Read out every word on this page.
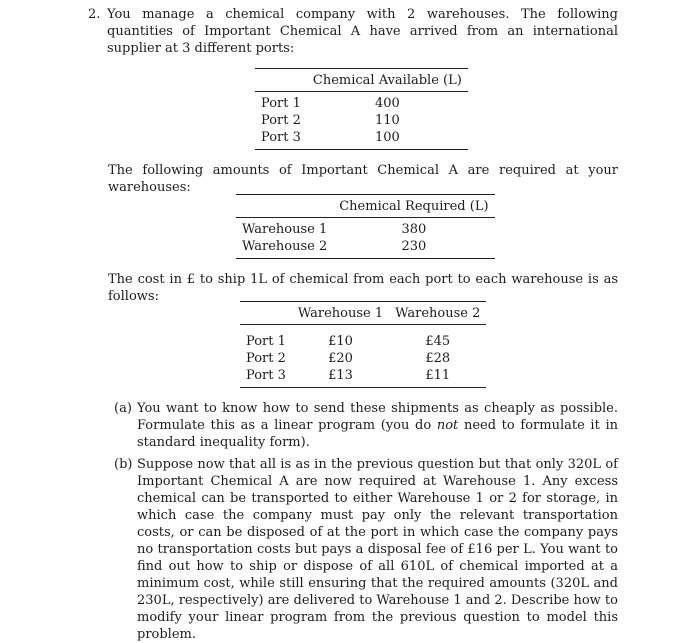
2. You manage a chemical company with 2 warehouses. The following quantities of Important Chemical A have arrived from an international supplier at 3 different ports:
	Chemical Available (L)
Port 1	400
Port 2	110
Port 3	100
The following amounts of Important Chemical A are required at your warehouses:
	Chemical Required (L)
Warehouse 1	380
Warehouse 2	230
The cost in £ to ship 1L of chemical from each port to each warehouse is as follows:
	Warehouse 1	Warehouse 2
Port 1	£10	£45
Port 2	£20	£28
Port 3	£13	£11
(a) You want to know how to send these shipments as cheaply as possible. Formulate this as a linear program (you do not need to formulate it in standard inequality form).
(b) Suppose now that all is as in the previous question but that only 320L of Important Chemical A are now required at Warehouse 1. Any excess chemical can be transported to either Warehouse 1 or 2 for storage, in which case the company must pay only the relevant transportation costs, or can be disposed of at the port in which case the company pays no transportation costs but pays a disposal fee of £16 per L. You want to find out how to ship or dispose of all 610L of chemical imported at a minimum cost, while still ensuring that the required amounts (320L and 230L, respectively) are delivered to Warehouse 1 and 2. Describe how to modify your linear program from the previous question to model this problem.
